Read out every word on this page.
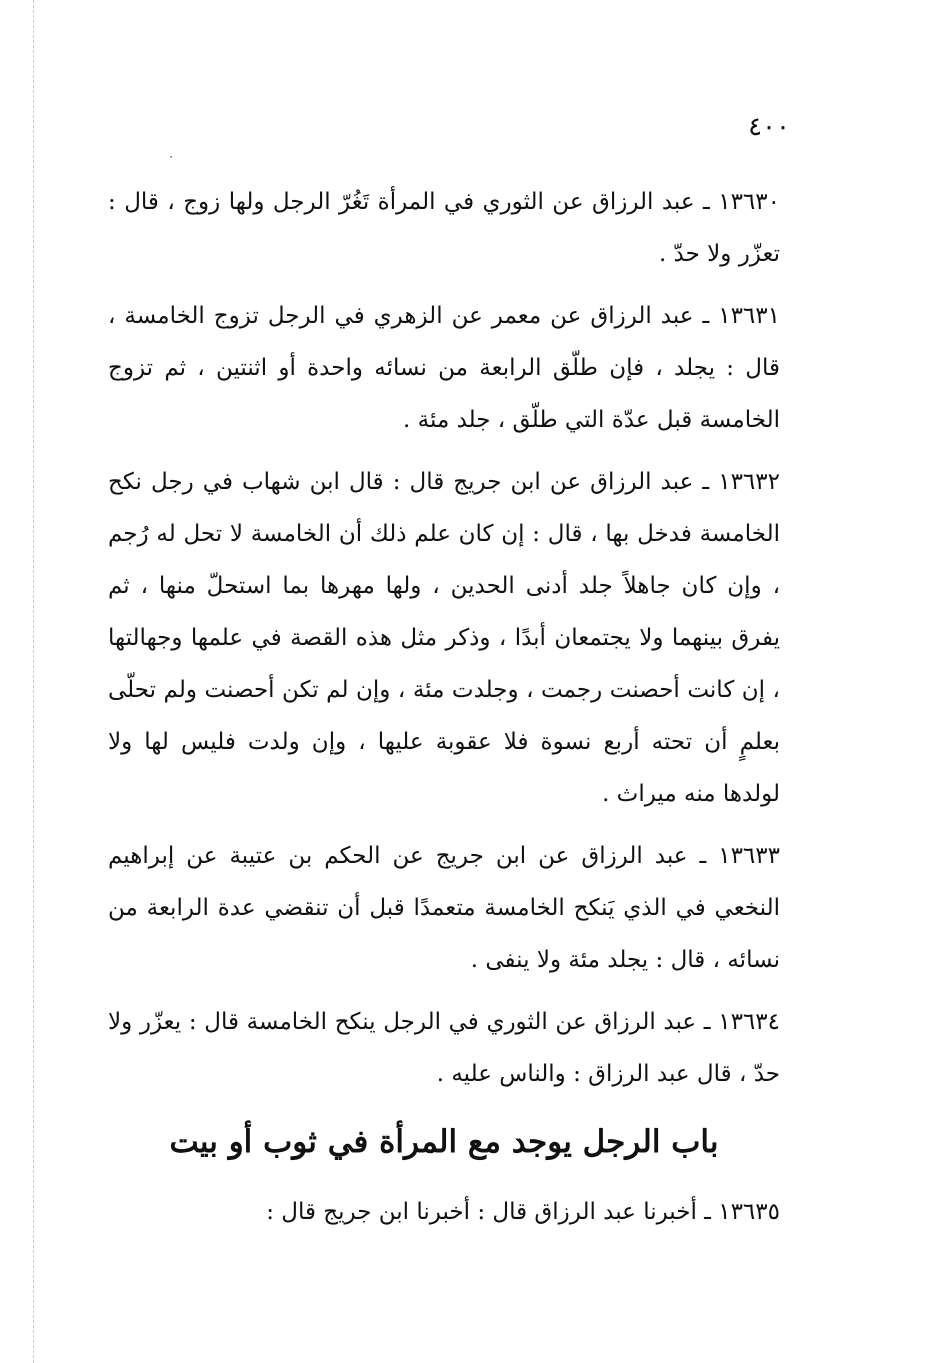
٤٠٠

١٣٦٣٠ ـ عبد الرزاق عن الثوري في المرأة تَغُرّ الرجل ولها زوج ، قال : تعزّر ولا حدّ .

١٣٦٣١ ـ عبد الرزاق عن معمر عن الزهري في الرجل تزوج الخامسة ، قال : يجلد ، فإن طلّق الرابعة من نسائه واحدة أو اثنتين ، ثم تزوج الخامسة قبل عدّة التي طلّق ، جلد مئة .

١٣٦٣٢ ـ عبد الرزاق عن ابن جريج قال : قال ابن شهاب في رجل نكح الخامسة فدخل بها ، قال : إن كان علم ذلك أن الخامسة لا تحل له رُجم ، وإن كان جاهلاً جلد أدنى الحدين ، ولها مهرها بما استحلّ منها ، ثم يفرق بينهما ولا يجتمعان أبدًا ، وذكر مثل هذه القصة في علمها وجهالتها ، إن كانت أحصنت رجمت ، وجلدت مئة ، وإن لم تكن أحصنت ولم تحلّى بعلمٍ أن تحته أربع نسوة فلا عقوبة عليها ، وإن ولدت فليس لها ولا لولدها منه ميراث .

١٣٦٣٣ ـ عبد الرزاق عن ابن جريج عن الحكم بن عتيبة عن إبراهيم النخعي في الذي يَنكح الخامسة متعمدًا قبل أن تنقضي عدة الرابعة من نسائه ، قال : يجلد مئة ولا ينفى .

١٣٦٣٤ ـ عبد الرزاق عن الثوري في الرجل ينكح الخامسة قال : يعزّر ولا حدّ ، قال عبد الرزاق : والناس عليه .

باب الرجل يوجد مع المرأة في ثوب أو بيت
١٣٦٣٥ ـ أخبرنا عبد الرزاق قال : أخبرنا ابن جريج قال :
